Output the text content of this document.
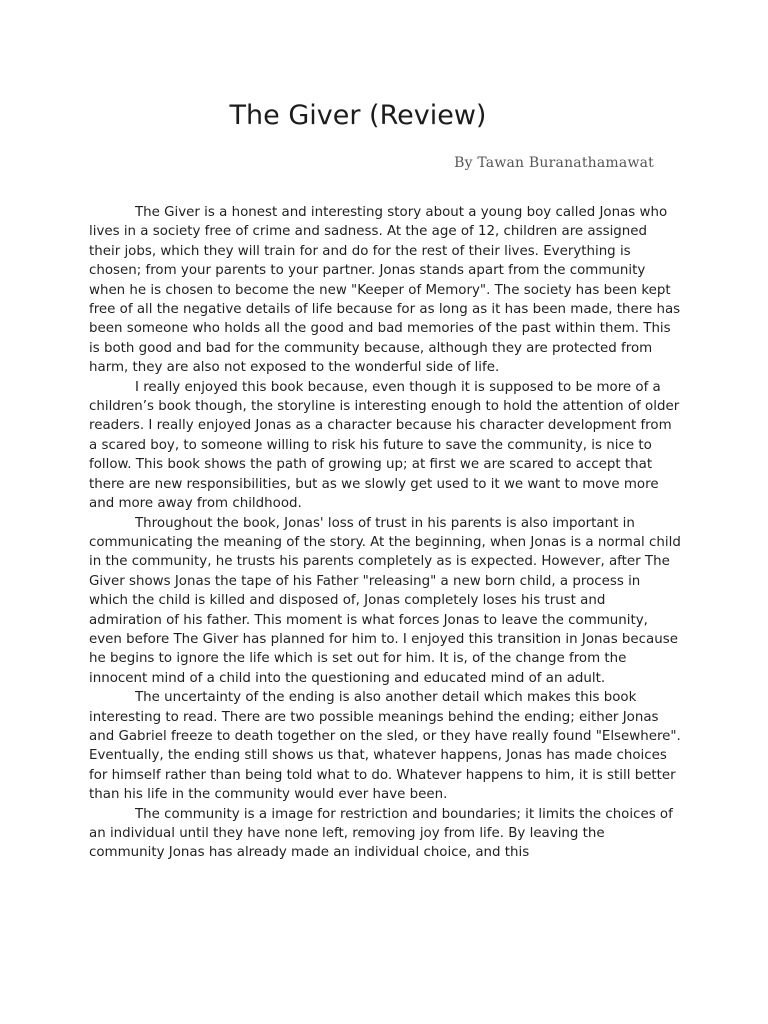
The Giver (Review)
By Tawan Buranathamawat

The Giver is a honest and interesting story about a young boy called Jonas who lives in a society free of crime and sadness. At the age of 12, children are assigned their jobs, which they will train for and do for the rest of their lives. Everything is chosen; from your parents to your partner. Jonas stands apart from the community when he is chosen to become the new "Keeper of Memory". The society has been kept free of all the negative details of life because for as long as it has been made, there has been someone who holds all the good and bad memories of the past within them. This is both good and bad for the community because, although they are protected from harm, they are also not exposed to the wonderful side of life.

I really enjoyed this book because, even though it is supposed to be more of a children’s book though, the storyline is interesting enough to hold the attention of older readers. I really enjoyed Jonas as a character because his character development from a scared boy, to someone willing to risk his future to save the community, is nice to follow. This book shows the path of growing up; at first we are scared to accept that there are new responsibilities, but as we slowly get used to it we want to move more and more away from childhood.

Throughout the book, Jonas' loss of trust in his parents is also important in communicating the meaning of the story. At the beginning, when Jonas is a normal child in the community, he trusts his parents completely as is expected. However, after The Giver shows Jonas the tape of his Father "releasing" a new born child, a process in which the child is killed and disposed of, Jonas completely loses his trust and admiration of his father. This moment is what forces Jonas to leave the community, even before The Giver has planned for him to. I enjoyed this transition in Jonas because he begins to ignore the life which is set out for him. It is, of the change from the innocent mind of a child into the questioning and educated mind of an adult.

The uncertainty of the ending is also another detail which makes this book interesting to read. There are two possible meanings behind the ending; either Jonas and Gabriel freeze to death together on the sled, or they have really found "Elsewhere". Eventually, the ending still shows us that, whatever happens, Jonas has made choices for himself rather than being told what to do. Whatever happens to him, it is still better than his life in the community would ever have been.

The community is a image for restriction and boundaries; it limits the choices of an individual until they have none left, removing joy from life. By leaving the community Jonas has already made an individual choice, and this
